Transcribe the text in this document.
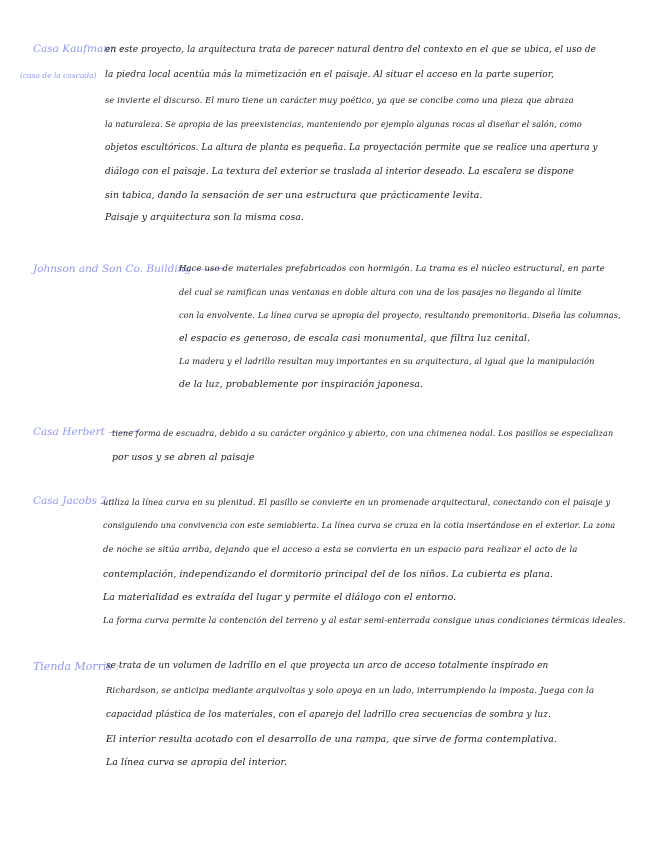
Casa Kaufmann :
(casa de la cascada)
en este proyecto, la arquitectura trata de parecer natural dentro del contexto en el que se ubica, el uso de
la piedra local acentúa más la mimetización en el paisaje. Al situar el acceso en la parte superior,
se invierte el discurso. El muro tiene un carácter muy poético, ya que se concibe como una pieza que abraza
la naturaleza. Se apropia de las preexistencias, manteniendo por ejemplo algunas rocas al diseñar el salón, como
objetos escultóricos. La altura de planta es pequeña. La proyectación permite que se realice una apertura y
diálogo con el paisaje. La textura del exterior se traslada al interior deseado. La escalera se dispone
sin tabica, dando la sensación de ser una estructura que prácticamente levita.
Paisaje y arquitectura son la misma cosa.
Johnson and Son Co. Building ——→
Hace uso de materiales prefabricados con hormigón. La trama es el núcleo estructural, en parte
del cual se ramifican unas ventanas en doble altura con una de los pasajes no llegando al límite
con la envolvente. La línea curva se apropia del proyecto, resultando premonitoria. Diseña las columnas,
el espacio es generoso, de escala casi monumental, que filtra luz cenital.
La madera y el ladrillo resultan muy importantes en su arquitectura, al igual que la manipulación
de la luz, probablemente por inspiración japonesa.
Casa Herbert ——→
tiene forma de escuadra, debido a su carácter orgánico y abierto, con una chimenea nodal. Los pasillos se especializan
por usos y se abren al paisaje
Casa Jacobs 2 :
utiliza la línea curva en su plenitud. El pasillo se convierte en un promenade arquitectural, conectando con el paisaje y
consiguiendo una convivencia con este semiabierta. La línea curva se cruza en la cotia insertándose en el exterior. La zona
de noche se sitúa arriba, dejando que el acceso a esta se convierta en un espacio para realizar el acto de la
contemplación, independizando el dormitorio principal del de los niños. La cubierta es plana.
La materialidad es extraída del lugar y permite el diálogo con el entorno.
La forma curva permite la contención del terreno y al estar semi-enterrada consigue unas condiciones térmicas ideales.
Tienda Morris :
se trata de un volumen de ladrillo en el que proyecta un arco de acceso totalmente inspirado en
Richardson, se anticipa mediante arquivoltas y solo apoya en un lado, interrumpiendo la imposta. Juega con la
capacidad plástica de los materiales, con el aparejo del ladrillo crea secuencias de sombra y luz.
El interior resulta acotado con el desarrollo de una rampa, que sirve de forma contemplativa.
La línea curva se apropia del interior.
